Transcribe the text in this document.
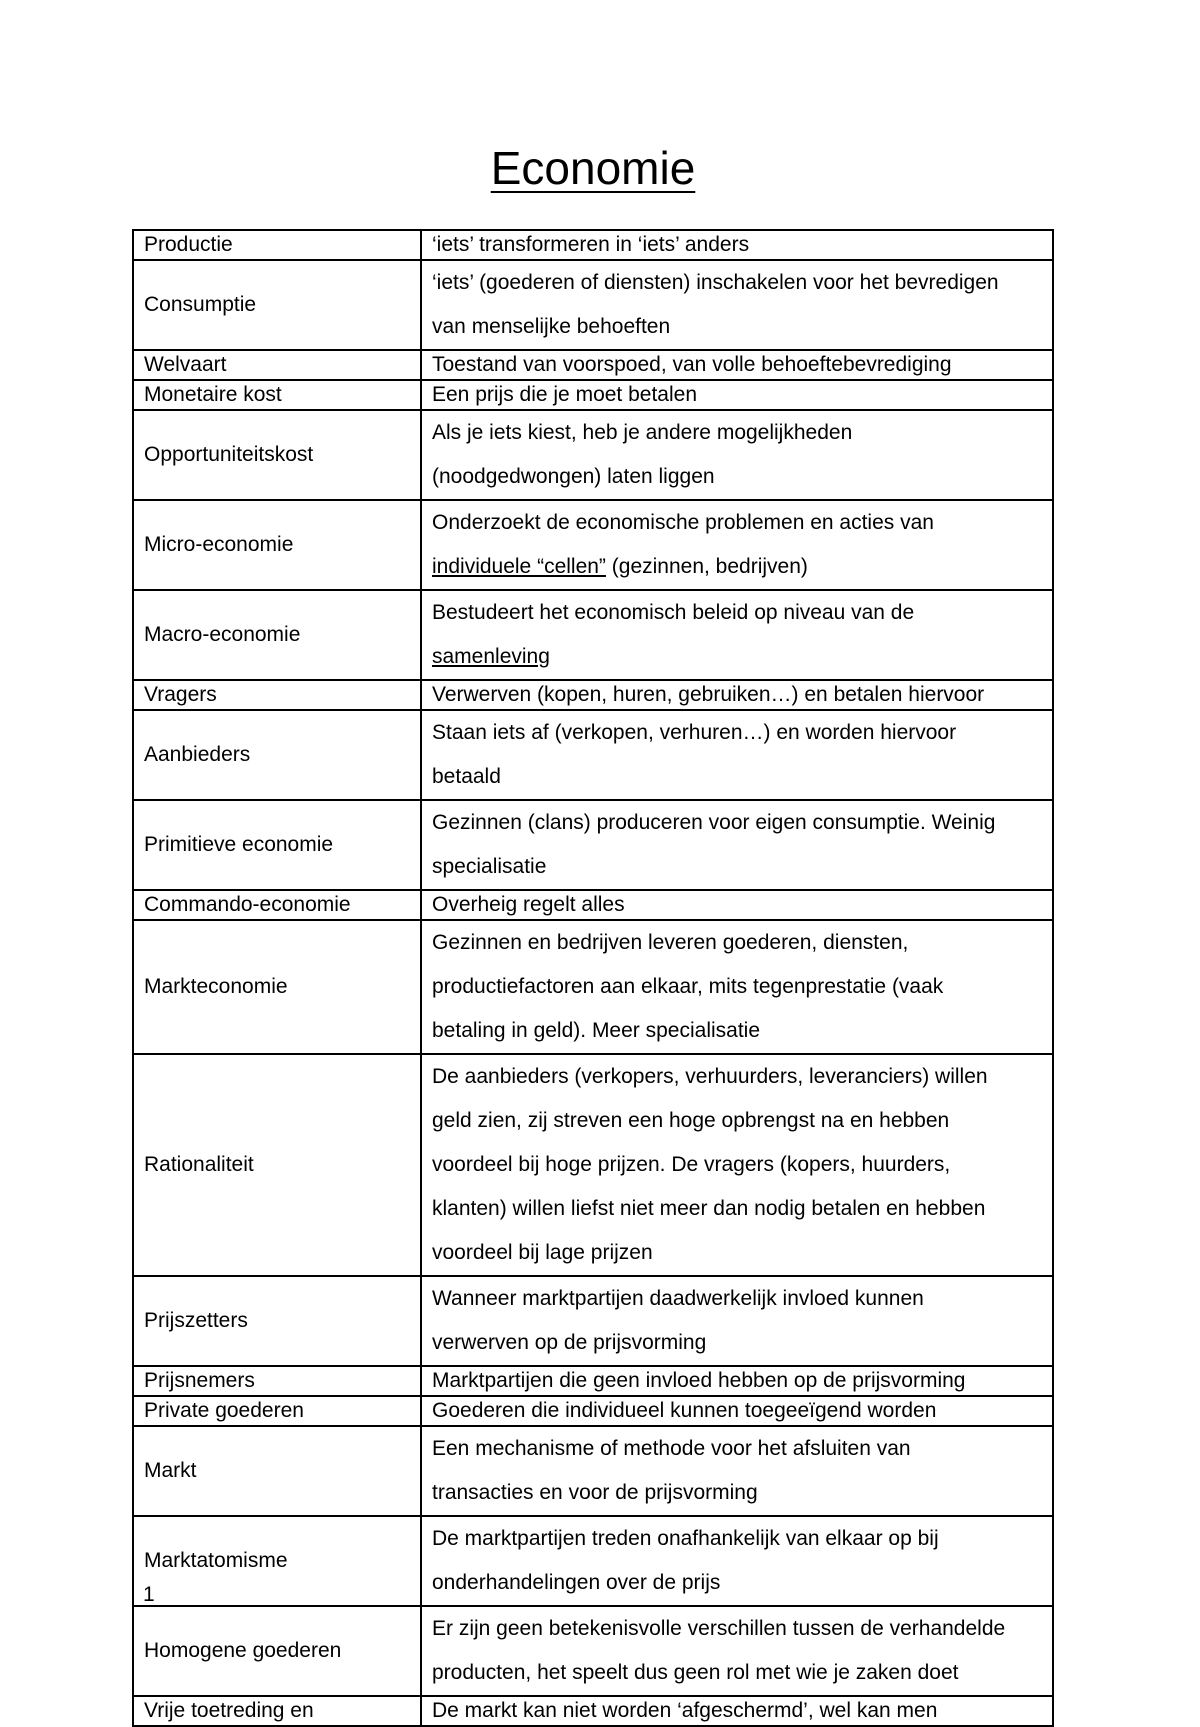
Economie
Productie	‘iets’ transformeren in ‘iets’ anders

Consumptie	‘iets’ (goederen of diensten) inschakelen voor het bevredigen
van menselijke behoeften

Welvaart	Toestand van voorspoed, van volle behoeftebevrediging

Monetaire kost	Een prijs die je moet betalen

Opportuniteitskost	Als je iets kiest, heb je andere mogelijkheden
(noodgedwongen) laten liggen

Micro-economie	Onderzoekt de economische problemen en acties van
individuele “cellen” (gezinnen, bedrijven)

Macro-economie	Bestudeert het economisch beleid op niveau van de
samenleving

Vragers	Verwerven (kopen, huren, gebruiken…) en betalen hiervoor

Aanbieders	Staan iets af (verkopen, verhuren…) en worden hiervoor
betaald

Primitieve economie	Gezinnen (clans) produceren voor eigen consumptie. Weinig
specialisatie

Commando-economie	Overheig regelt alles

Markteconomie	Gezinnen en bedrijven leveren goederen, diensten,
productiefactoren aan elkaar, mits tegenprestatie (vaak
betaling in geld). Meer specialisatie

Rationaliteit	De aanbieders (verkopers, verhuurders, leveranciers) willen
geld zien, zij streven een hoge opbrengst na en hebben
voordeel bij hoge prijzen. De vragers (kopers, huurders,
klanten) willen liefst niet meer dan nodig betalen en hebben
voordeel bij lage prijzen

Prijszetters	Wanneer marktpartijen daadwerkelijk invloed kunnen
verwerven op de prijsvorming

Prijsnemers	Marktpartijen die geen invloed hebben op de prijsvorming

Private goederen	Goederen die individueel kunnen toegeeïgend worden

Markt	Een mechanisme of methode voor het afsluiten van
transacties en voor de prijsvorming

Marktatomisme	De marktpartijen treden onafhankelijk van elkaar op bij
onderhandelingen over de prijs

Homogene goederen	Er zijn geen betekenisvolle verschillen tussen de verhandelde
producten, het speelt dus geen rol met wie je zaken doet

Vrije toetreding en	De markt kan niet worden ‘afgeschermd’, wel kan men
1
